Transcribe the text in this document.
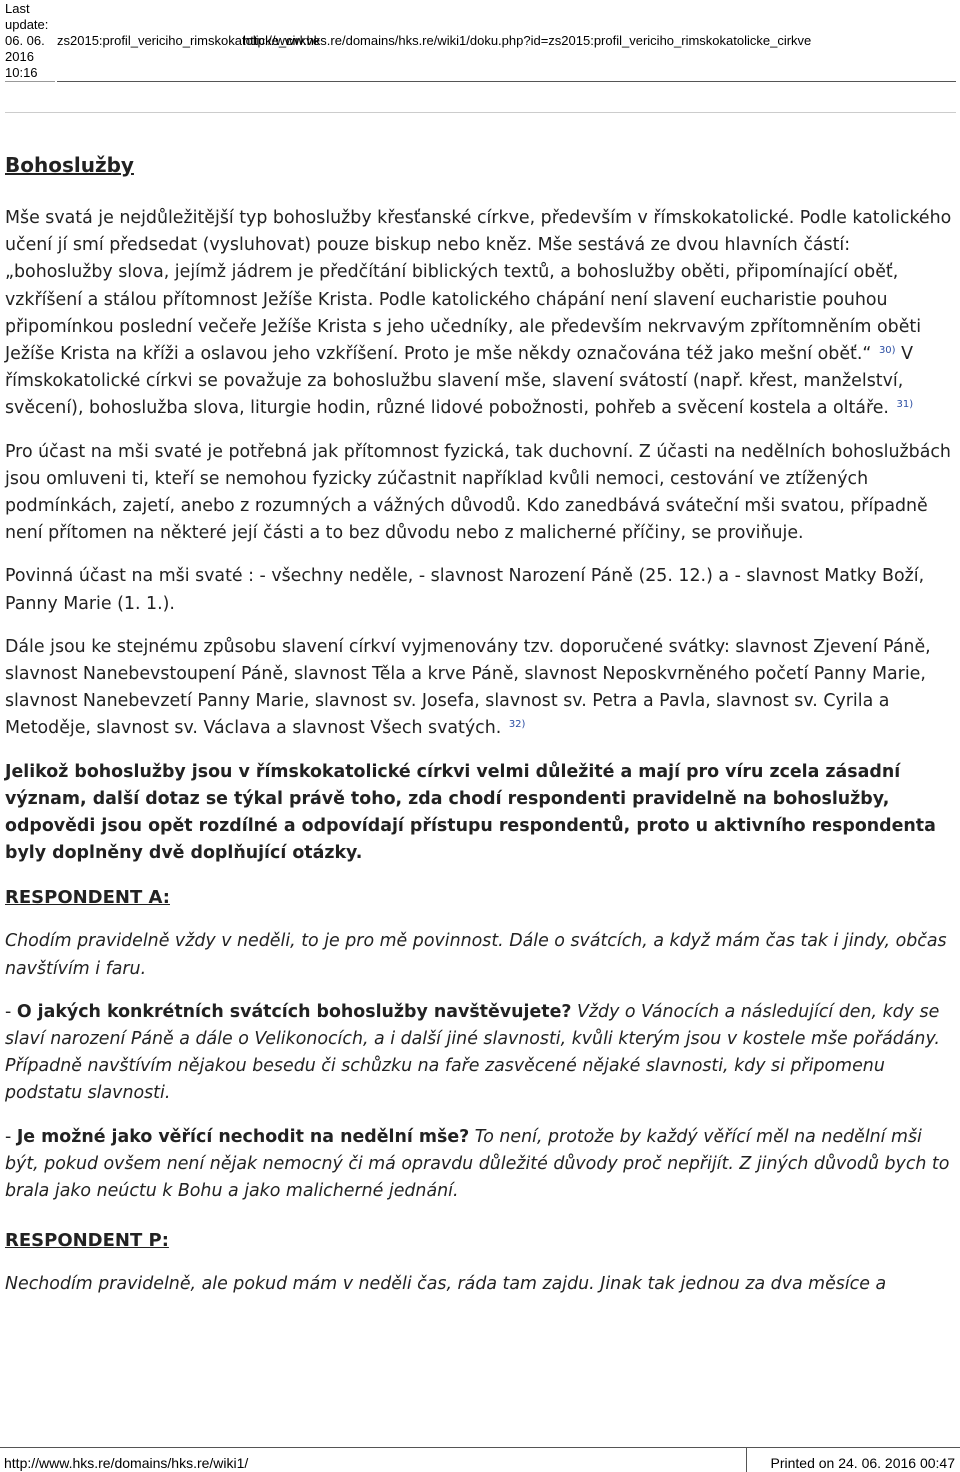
Last update:
06. 06. 2016
10:16
zs2015:profil_vericiho_rimskokatolicke_cirkve
http://www.hks.re/domains/hks.re/wiki1/doku.php?id=zs2015:profil_vericiho_rimskokatolicke_cirkve
Bohoslužby

Mše svatá je nejdůležitější typ bohoslužby křesťanské církve, především v římskokatolické. Podle katolického učení jí smí předsedat (vysluhovat) pouze biskup nebo kněz. Mše sestává ze dvou hlavních částí: „bohoslužby slova, jejímž jádrem je předčítání biblických textů, a bohoslužby oběti, připomínající oběť, vzkříšení a stálou přítomnost Ježíše Krista. Podle katolického chápání není slavení eucharistie pouhou připomínkou poslední večeře Ježíše Krista s jeho učedníky, ale především nekrvavým zpřítomněním oběti Ježíše Krista na kříži a oslavou jeho vzkříšení. Proto je mše někdy označována též jako mešní oběť.“ $^{30)}$ V římskokatolické církvi se považuje za bohoslužbu slavení mše, slavení svátostí (např. křest, manželství, svěcení), bohoslužba slova, liturgie hodin, různé lidové pobožnosti, pohřeb a svěcení kostela a oltáře. $^{31)}$

Pro účast na mši svaté je potřebná jak přítomnost fyzická, tak duchovní. Z účasti na nedělních bohoslužbách jsou omluveni ti, kteří se nemohou fyzicky zúčastnit například kvůli nemoci, cestování ve ztížených podmínkách, zajetí, anebo z rozumných a vážných důvodů. Kdo zanedbává sváteční mši svatou, případně není přítomen na některé její části a to bez důvodu nebo z malicherné příčiny, se proviňuje.

Povinná účast na mši svaté : - všechny neděle, - slavnost Narození Páně (25. 12.) a - slavnost Matky Boží, Panny Marie (1. 1.).

Dále jsou ke stejnému způsobu slavení církví vyjmenovány tzv. doporučené svátky: slavnost Zjevení Páně, slavnost Nanebevstoupení Páně, slavnost Těla a krve Páně, slavnost Neposkvrněného početí Panny Marie, slavnost Nanebevzetí Panny Marie, slavnost sv. Josefa, slavnost sv. Petra a Pavla, slavnost sv. Cyrila a Metoděje, slavnost sv. Václava a slavnost Všech svatých. $^{32)}$

Jelikož bohoslužby jsou v římskokatolické církvi velmi důležité a mají pro víru zcela zásadní význam, další dotaz se týkal právě toho, zda chodí respondenti pravidelně na bohoslužby, odpovědi jsou opět rozdílné a odpovídají přístupu respondentů, proto u aktivního respondenta byly doplněny dvě doplňující otázky.

RESPONDENT A:

Chodím pravidelně vždy v neděli, to je pro mě povinnost. Dále o svátcích, a když mám čas tak i jindy, občas navštívím i faru.

- O jakých konkrétních svátcích bohoslužby navštěvujete? Vždy o Vánocích a následující den, kdy se slaví narození Páně a dále o Velikonocích, a i další jiné slavnosti, kvůli kterým jsou v kostele mše pořádány. Případně navštívím nějakou besedu či schůzku na faře zasvěcené nějaké slavnosti, kdy si připomenu podstatu slavnosti.

- Je možné jako věřící nechodit na nedělní mše? To není, protože by každý věřící měl na nedělní mši být, pokud ovšem není nějak nemocný či má opravdu důležité důvody proč nepřijít. Z jiných důvodů bych to brala jako neúctu k Bohu a jako malicherné jednání.

RESPONDENT P:

Nechodím pravidelně, ale pokud mám v neděli čas, ráda tam zajdu. Jinak tak jednou za dva měsíce a

http://www.hks.re/domains/hks.re/wiki1/	Printed on 24. 06. 2016 00:47
